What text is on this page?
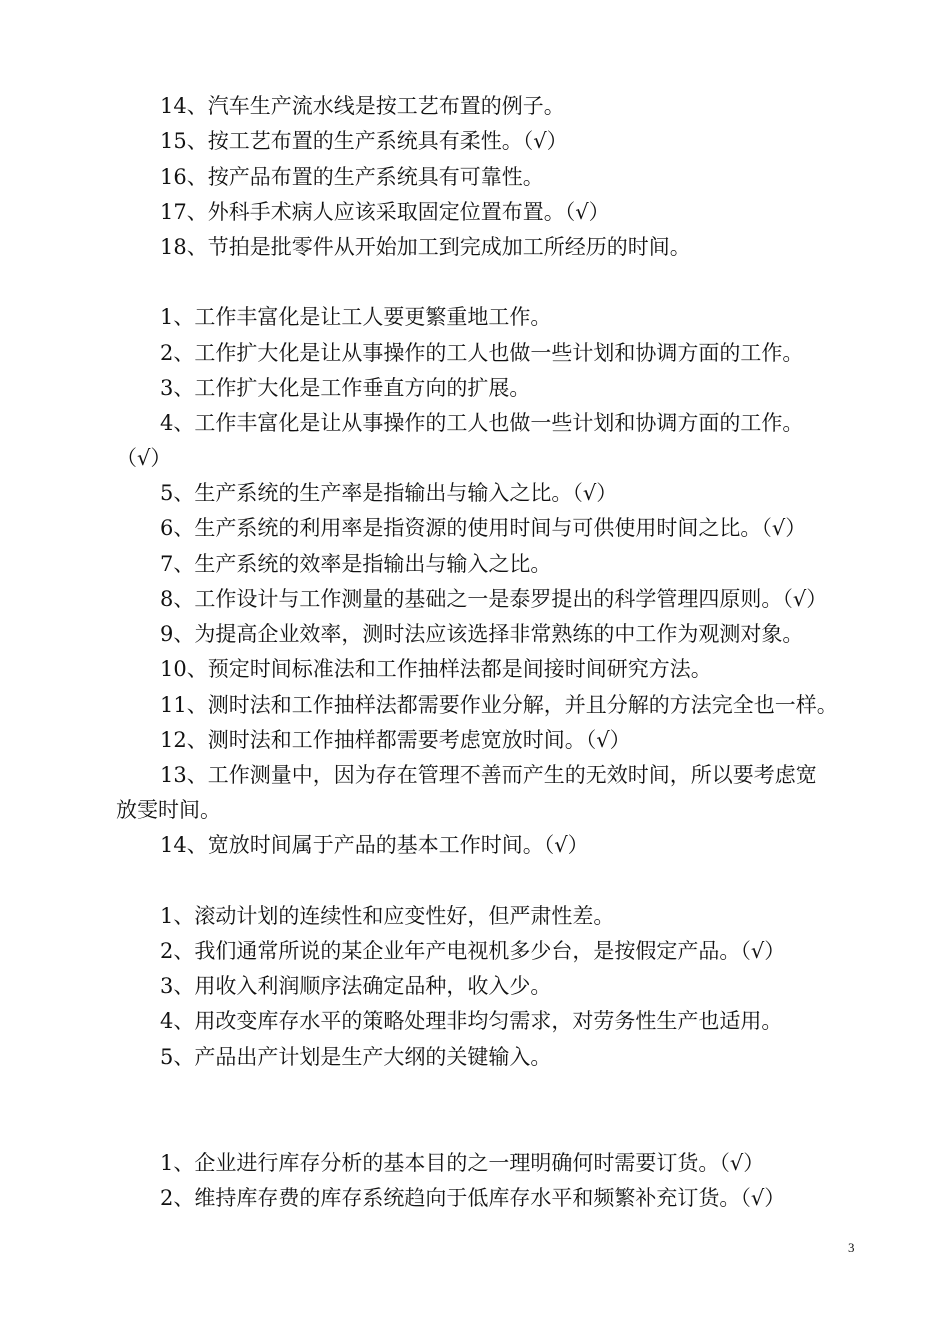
14、汽车生产流水线是按工艺布置的例子。
15、按工艺布置的生产系统具有柔性。（√）
16、按产品布置的生产系统具有可靠性。
17、外科手术病人应该采取固定位置布置。（√）
18、节拍是批零件从开始加工到完成加工所经历的时间。
1、工作丰富化是让工人要更繁重地工作。
2、工作扩大化是让从事操作的工人也做一些计划和协调方面的工作。
3、工作扩大化是工作垂直方向的扩展。
4、工作丰富化是让从事操作的工人也做一些计划和协调方面的工作。
（√）
5、生产系统的生产率是指输出与输入之比。（√）
6、生产系统的利用率是指资源的使用时间与可供使用时间之比。（√）
7、生产系统的效率是指输出与输入之比。
8、工作设计与工作测量的基础之一是泰罗提出的科学管理四原则。（√）
9、为提高企业效率，测时法应该选择非常熟练的中工作为观测对象。
10、预定时间标准法和工作抽样法都是间接时间研究方法。
11、测时法和工作抽样法都需要作业分解，并且分解的方法完全也一样。
12、测时法和工作抽样都需要考虑宽放时间。（√）
13、工作测量中，因为存在管理不善而产生的无效时间，所以要考虑宽
放雯时间。
14、宽放时间属于产品的基本工作时间。（√）
1、滚动计划的连续性和应变性好，但严肃性差。
2、我们通常所说的某企业年产电视机多少台，是按假定产品。（√）
3、用收入利润顺序法确定品种，收入少。
4、用改变库存水平的策略处理非均匀需求，对劳务性生产也适用。
5、产品出产计划是生产大纲的关键输入。
1、企业进行库存分析的基本目的之一理明确何时需要订货。（√）
2、维持库存费的库存系统趋向于低库存水平和频繁补充订货。（√）
3
